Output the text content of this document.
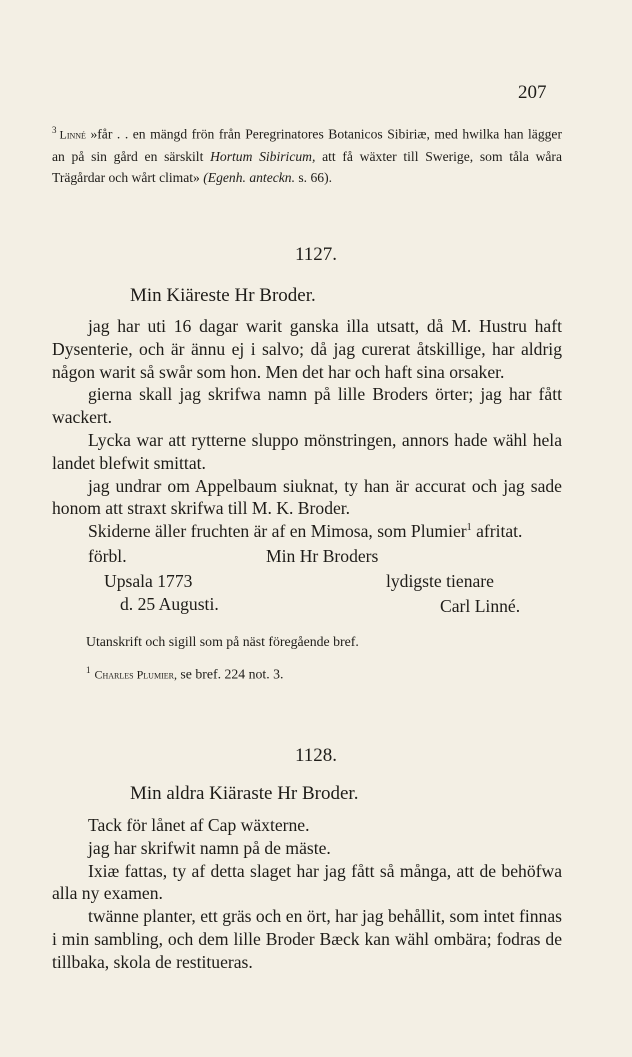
207
$^3$ Linné »får . . en mängd frön från Peregrinatores Botanicos Sibiriæ, med hwilka han lägger an på sin gård en särskilt Hortum Sibiricum, att få wäxter till Swerige, som tåla wåra Trägårdar och wårt climat» (Egenh. anteckn. s. 66).
1127.
Min Kiäreste Hr Broder.

jag har uti 16 dagar warit ganska illa utsatt, då M. Hustru haft Dysenterie, och är ännu ej i salvo; då jag curerat åtskillige, har aldrig någon warit så swår som hon. Men det har och haft sina orsaker.

gierna skall jag skrifwa namn på lille Broders örter; jag har fått wackert.

Lycka war att rytterne sluppo mönstringen, annors hade wähl hela landet blefwit smittat.

jag undrar om Appelbaum siuknat, ty han är accurat och jag sade honom att straxt skrifwa till M. K. Broder.

Skiderne äller fruchten är af en Mimosa, som Plumier$^1$ afritat.

förbl.	Min Hr Broders
Upsala 1773	lydigste tienare
d. 25 Augusti.	Carl Linné.
Utanskrift och sigill som på näst föregående bref.
$^1$ Charles Plumier, se bref. 224 not. 3.
1128.
Min aldra Kiäraste Hr Broder.

Tack för lånet af Cap wäxterne.

jag har skrifwit namn på de mäste.

Ixiæ fattas, ty af detta slaget har jag fått så många, att de behöfwa alla ny examen.

twänne planter, ett gräs och en ört, har jag behållit, som intet finnas i min sambling, och dem lille Broder Bæck kan wähl ombära; fodras de tillbaka, skola de restitueras.
